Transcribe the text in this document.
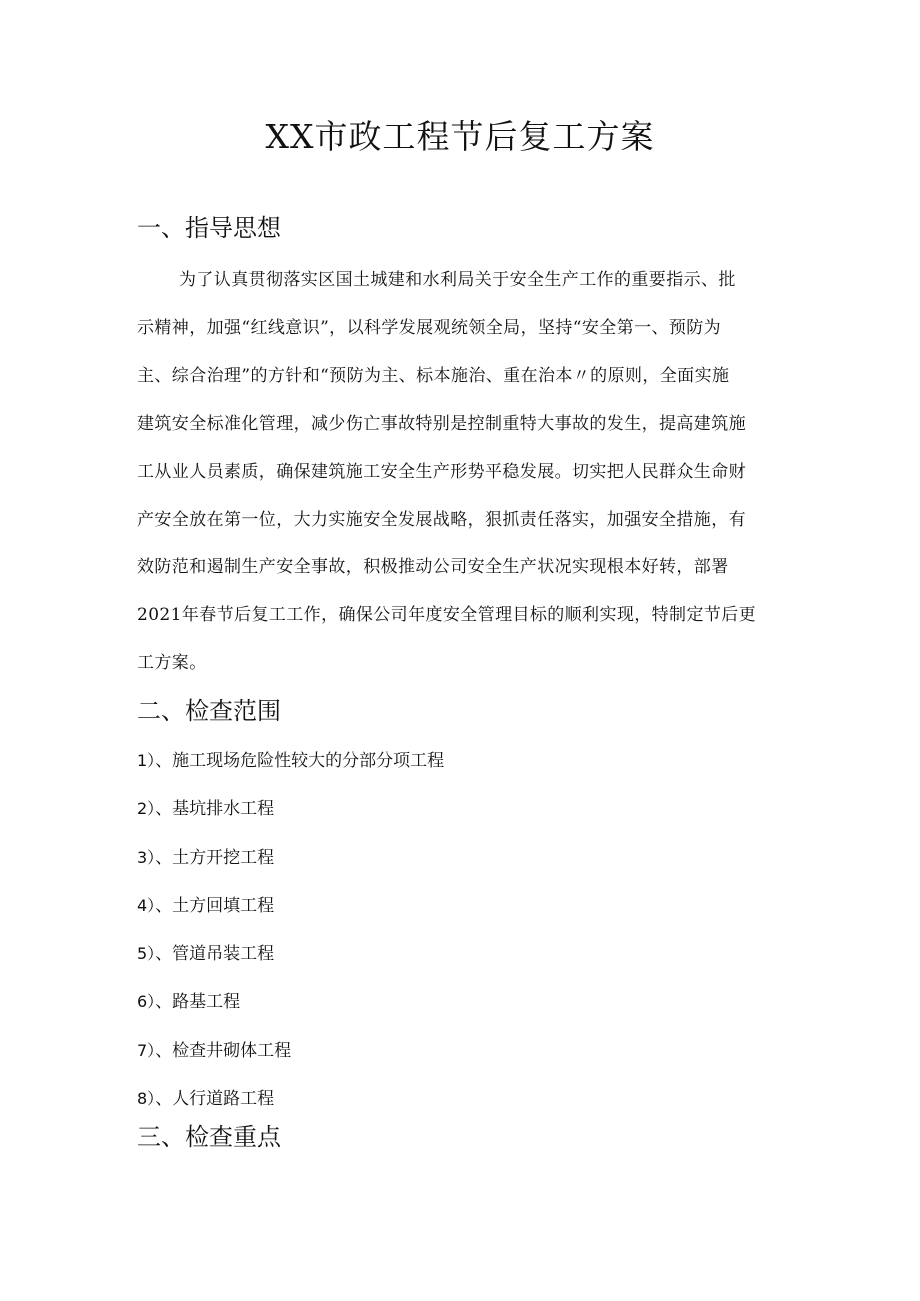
XX市政工程节后复工方案
一、指导思想

为了认真贯彻落实区国土城建和水利局关于安全生产工作的重要指示、批
示精神，加强“红线意识”，以科学发展观统领全局，坚持“安全第一、预防为
主、综合治理”的方针和“预防为主、标本施治、重在治本〃的原则，全面实施
建筑安全标准化管理，减少伤亡事故特别是控制重特大事故的发生，提高建筑施
工从业人员素质，确保建筑施工安全生产形势平稳发展。切实把人民群众生命财
产安全放在第一位，大力实施安全发展战略，狠抓责任落实，加强安全措施，有
效防范和遏制生产安全事故，积极推动公司安全生产状况实现根本好转，部署
2021年春节后复工工作，确保公司年度安全管理目标的顺利实现，特制定节后更
工方案。

二、检查范围
1）、施工现场危险性较大的分部分项工程
2）、基坑排水工程
3）、土方开挖工程
4）、土方回填工程
5）、管道吊装工程
6）、路基工程
7）、检查井砌体工程
8）、人行道路工程
三、检查重点
